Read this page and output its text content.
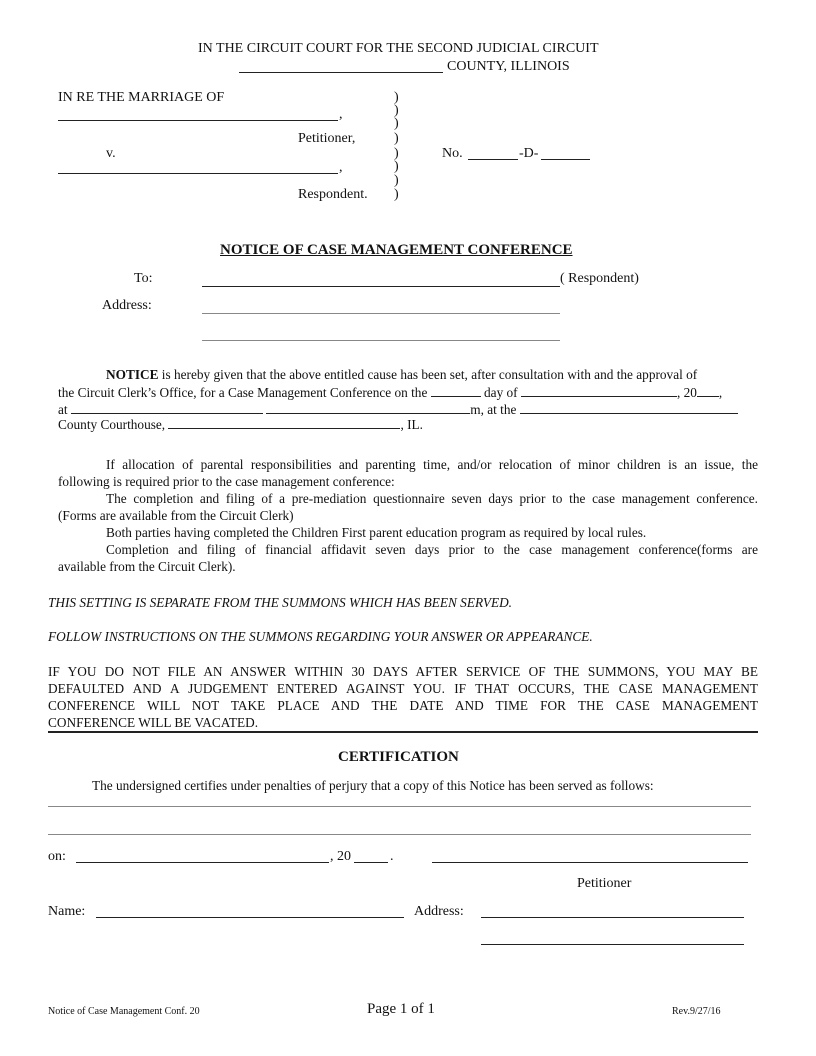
IN THE CIRCUIT COURT FOR THE SECOND JUDICIAL CIRCUIT
COUNTY, ILLINOIS
IN RE THE MARRIAGE OF
,
Petitioner,
v.
,
Respondent.
)
)
)
)
)
)
)
)
No.	-D-
NOTICE OF CASE MANAGEMENT CONFERENCE
To:	( Respondent)
Address:
NOTICE is hereby given that the above entitled cause has been set, after consultation with and the approval of
the Circuit Clerk’s Office, for a Case Management Conference on the	day of	, 20 ,
at	m, at the
County Courthouse,	, IL.
If allocation of parental responsibilities and parenting time, and/or relocation of minor children is an issue, the
following is required prior to the case management conference:
The completion and filing of a pre-mediation questionnaire seven days prior to the case management conference.
(Forms are available from the Circuit Clerk)
Both parties having completed the Children First parent education program as required by local rules.
Completion and filing of financial affidavit seven days prior to the case management conference(forms are
available from the Circuit Clerk).
THIS SETTING IS SEPARATE FROM THE SUMMONS WHICH HAS BEEN SERVED.
FOLLOW INSTRUCTIONS ON THE SUMMONS REGARDING YOUR ANSWER OR APPEARANCE.
IF YOU DO NOT FILE AN ANSWER WITHIN 30 DAYS AFTER SERVICE OF THE SUMMONS, YOU MAY BE
DEFAULTED AND A JUDGEMENT ENTERED AGAINST YOU. IF THAT OCCURS, THE CASE MANAGEMENT
CONFERENCE WILL NOT TAKE PLACE AND THE DATE AND TIME FOR THE CASE MANAGEMENT
CONFERENCE WILL BE VACATED.
CERTIFICATION
The undersigned certifies under penalties of perjury that a copy of this Notice has been served as follows:
on:	, 20	.
Petitioner
Name:	Address:
Notice of Case Management Conf. 20	Page 1 of 1	Rev.9/27/16
